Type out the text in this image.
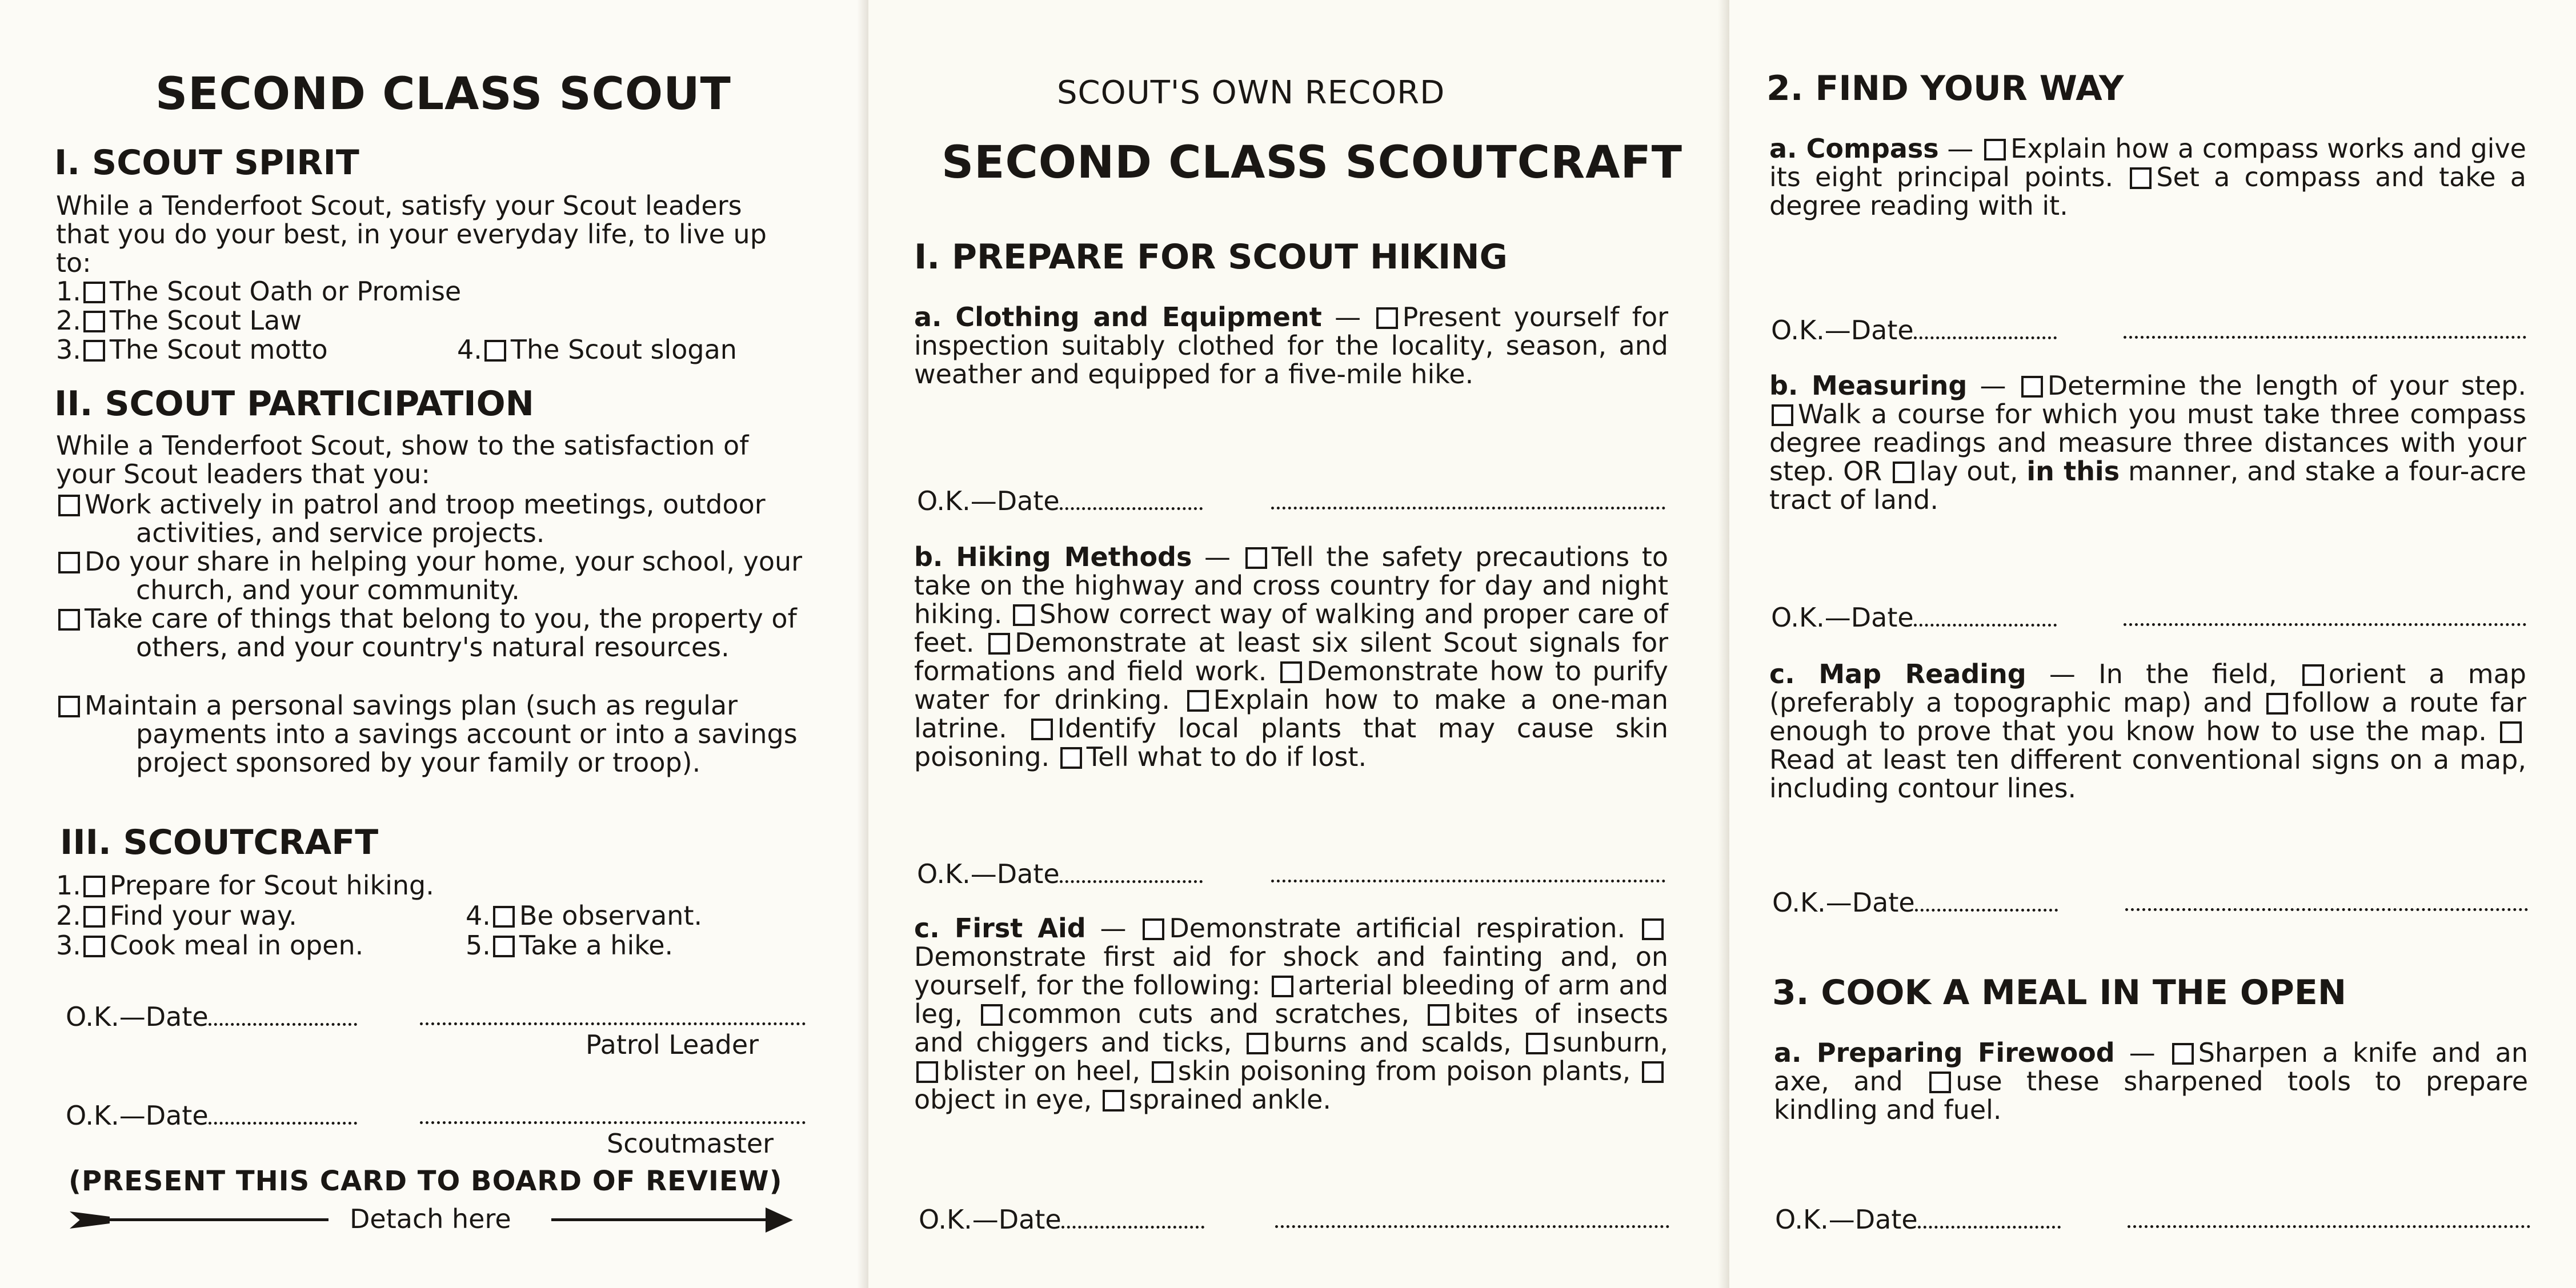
SECOND CLASS SCOUT
I. SCOUT SPIRIT
While a Tenderfoot Scout, satisfy your Scout leaders that you do your best, in your everyday life, to live up to:
1. The Scout Oath or Promise
2. The Scout Law
3. The Scout motto	4. The Scout slogan
II. SCOUT PARTICIPATION
While a Tenderfoot Scout, show to the satisfaction of your Scout leaders that you:
Work actively in patrol and troop meetings, outdoor activities, and service projects.
Do your share in helping your home, your school, your church, and your community.
Take care of things that belong to you, the property of others, and your country's natural resources.
Maintain a personal savings plan (such as regular payments into a savings account or into a savings project sponsored by your family or troop).
III. SCOUTCRAFT
1. Prepare for Scout hiking.
2. Find your way.
3. Cook meal in open.
4. Be observant.
5. Take a hike.
O.K.—Date
Patrol Leader
O.K.—Date
Scoutmaster
(PRESENT THIS CARD TO BOARD OF REVIEW)
Detach here
SCOUT'S OWN RECORD
SECOND CLASS SCOUTCRAFT
I. PREPARE FOR SCOUT HIKING
a. Clothing and Equipment — Present yourself for inspection suitably clothed for the locality, season, and weather and equipped for a five-mile hike.
O.K.—Date
b. Hiking Methods — Tell the safety precautions to take on the highway and cross country for day and night hiking. Show correct way of walking and proper care of feet. Demonstrate at least six silent Scout signals for formations and field work. Demonstrate how to purify water for drinking. Explain how to make a one-man latrine. Identify local plants that may cause skin poisoning. Tell what to do if lost.
O.K.—Date
c. First Aid — Demonstrate artificial respiration. Demonstrate first aid for shock and fainting and, on yourself, for the following: arterial bleeding of arm and leg, common cuts and scratches, bites of insects and chiggers and ticks, burns and scalds, sunburn, blister on heel, skin poisoning from poison plants, object in eye, sprained ankle.
O.K.—Date
2. FIND YOUR WAY
a. Compass — Explain how a compass works and give its eight principal points. Set a compass and take a degree reading with it.
O.K.—Date
b. Measuring — Determine the length of your step. Walk a course for which you must take three compass degree readings and measure three distances with your step. OR lay out, in this manner, and stake a four-acre tract of land.
O.K.—Date
c. Map Reading — In the field, orient a map (preferably a topographic map) and follow a route far enough to prove that you know how to use the map. Read at least ten different conventional signs on a map, including contour lines.
O.K.—Date
3. COOK A MEAL IN THE OPEN
a. Preparing Firewood — Sharpen a knife and an axe, and use these sharpened tools to prepare kindling and fuel.
O.K.—Date
